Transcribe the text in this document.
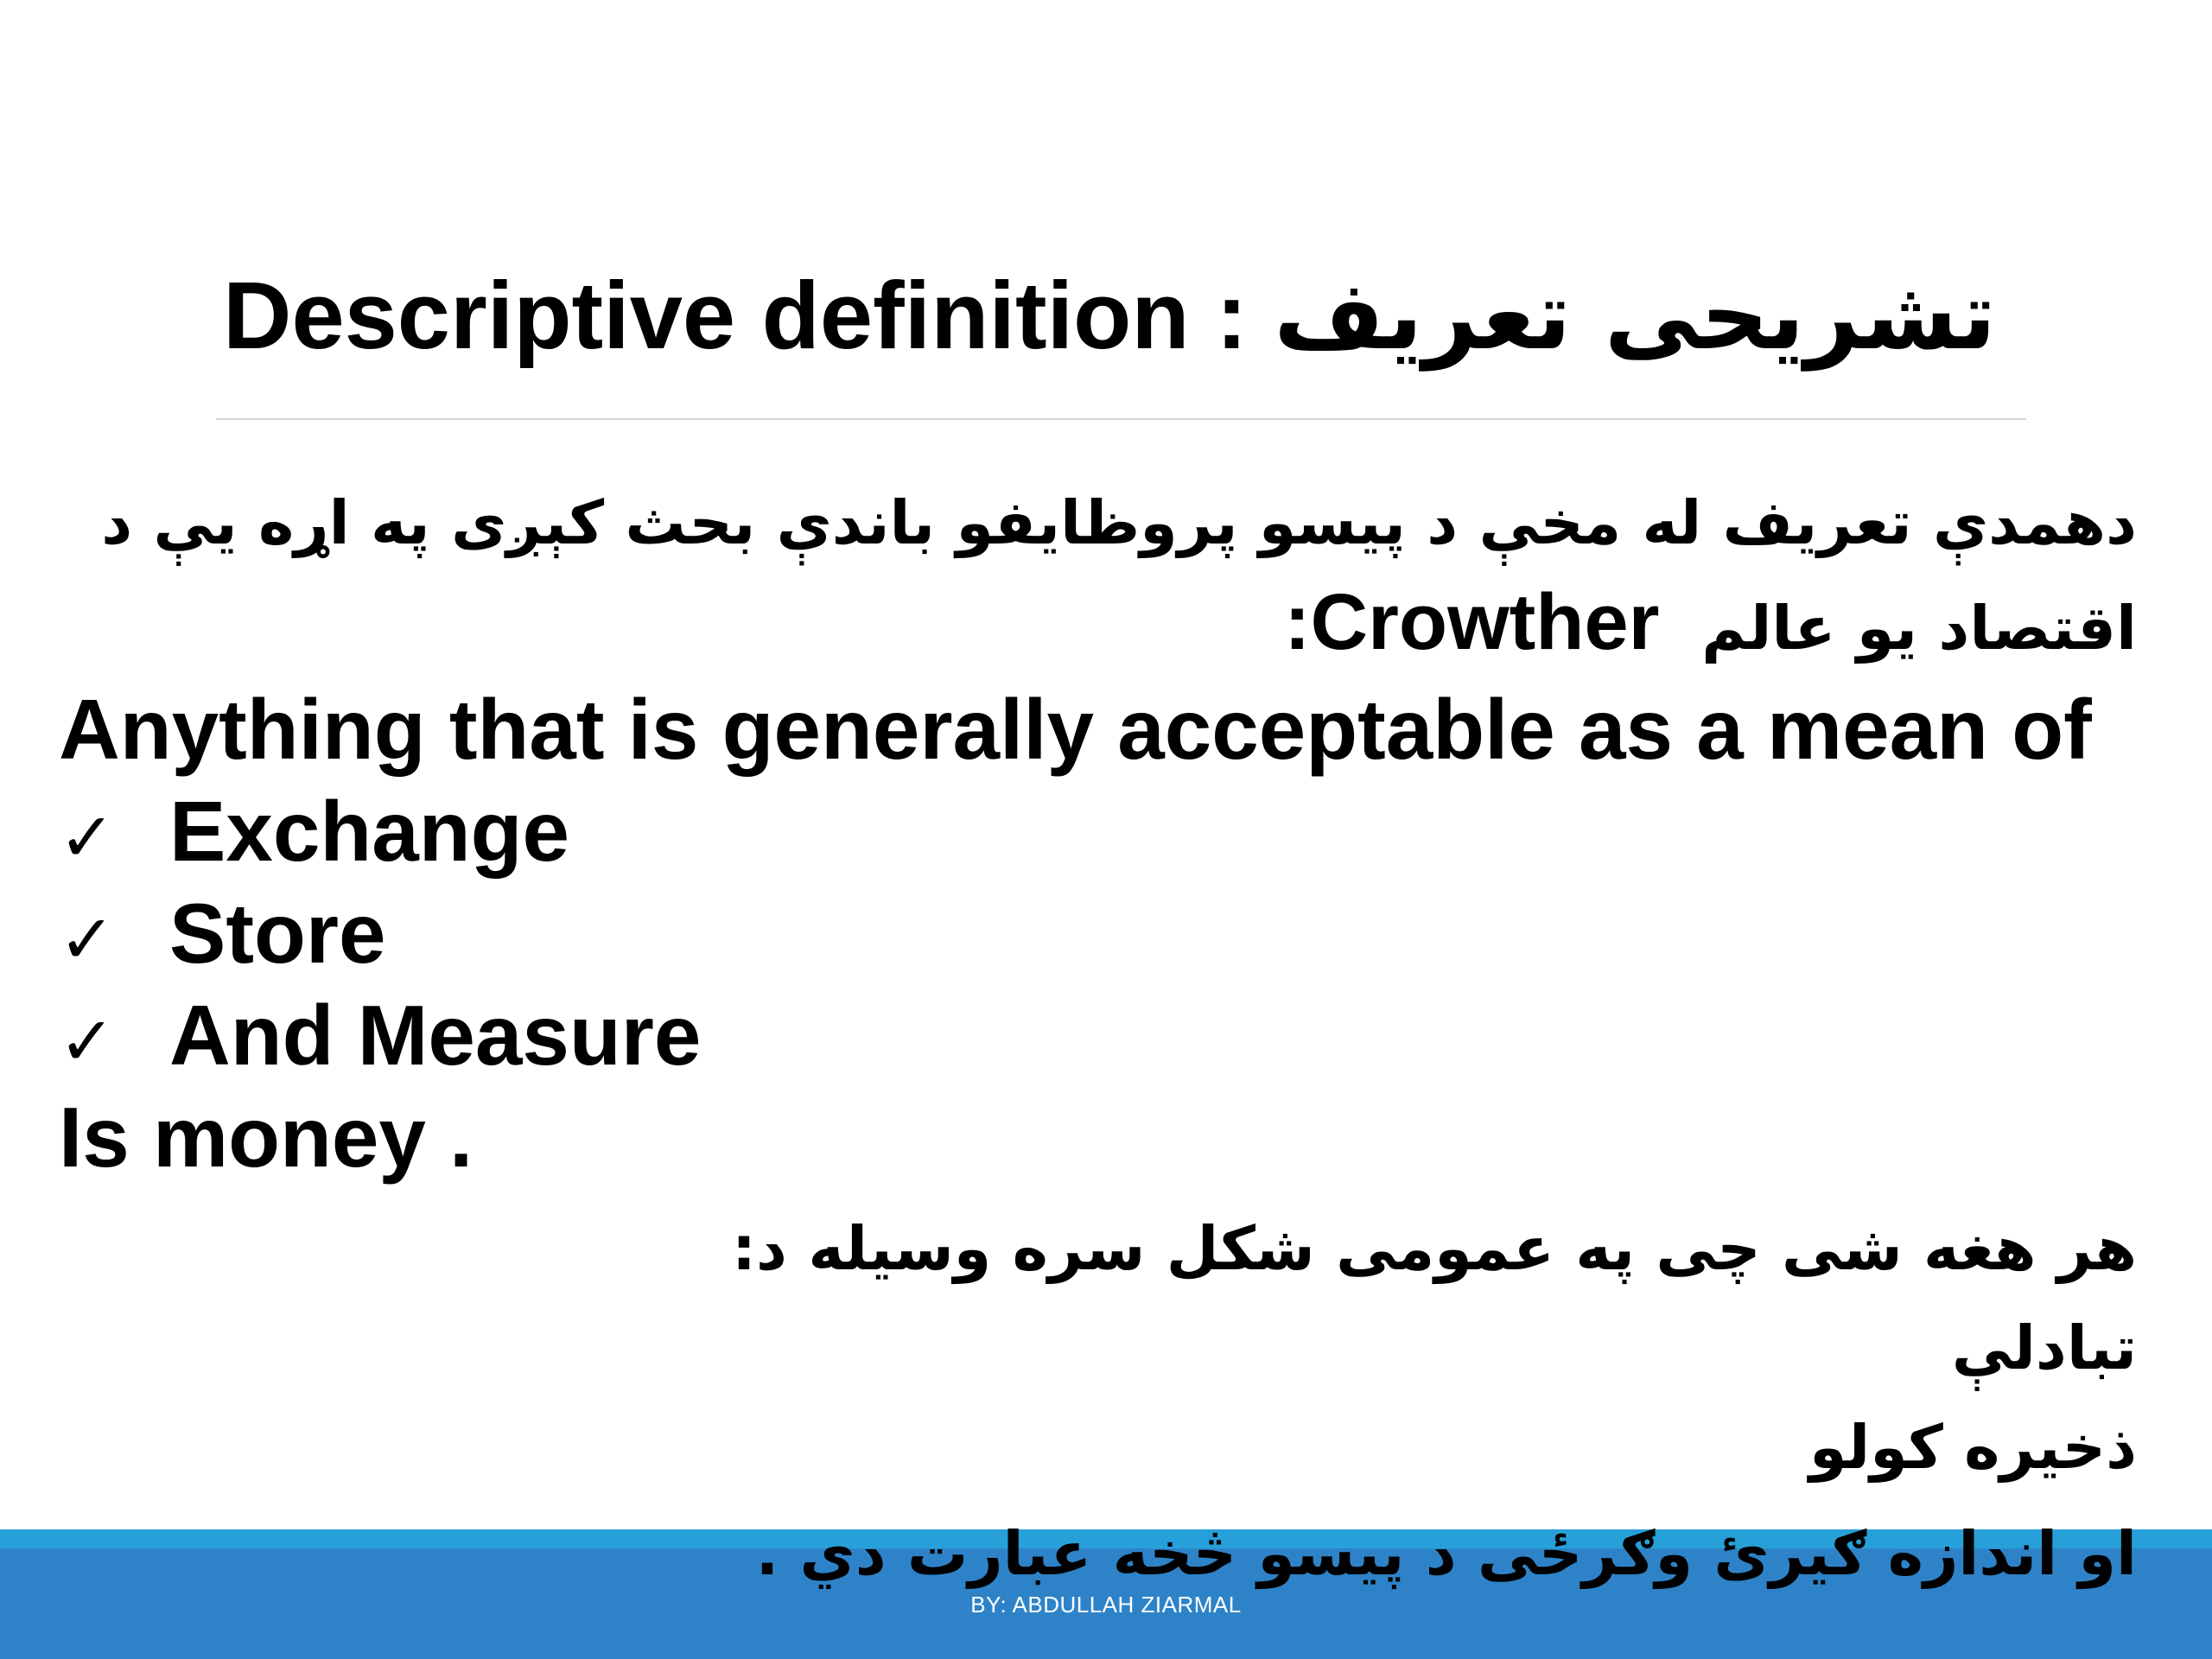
Descriptive definition : تشریحی تعریف
دهمدې تعریف له مخې د پیسو پروظایفو باندې بحث کېږی په اړه یې د
:Crowther اقتصاد یو عالم
Anything that is generally acceptable as a mean of
✓ Exchange
✓ Store
✓ And Measure
Is money .
هر هغه شی چی په عمومی شکل سره وسیله د:
تبادلې
ذخیره کولو
او اندازه ګیرئ وګرځی د پیسو څخه عبارت دي .
BY: ABDULLAH ZIARMAL
